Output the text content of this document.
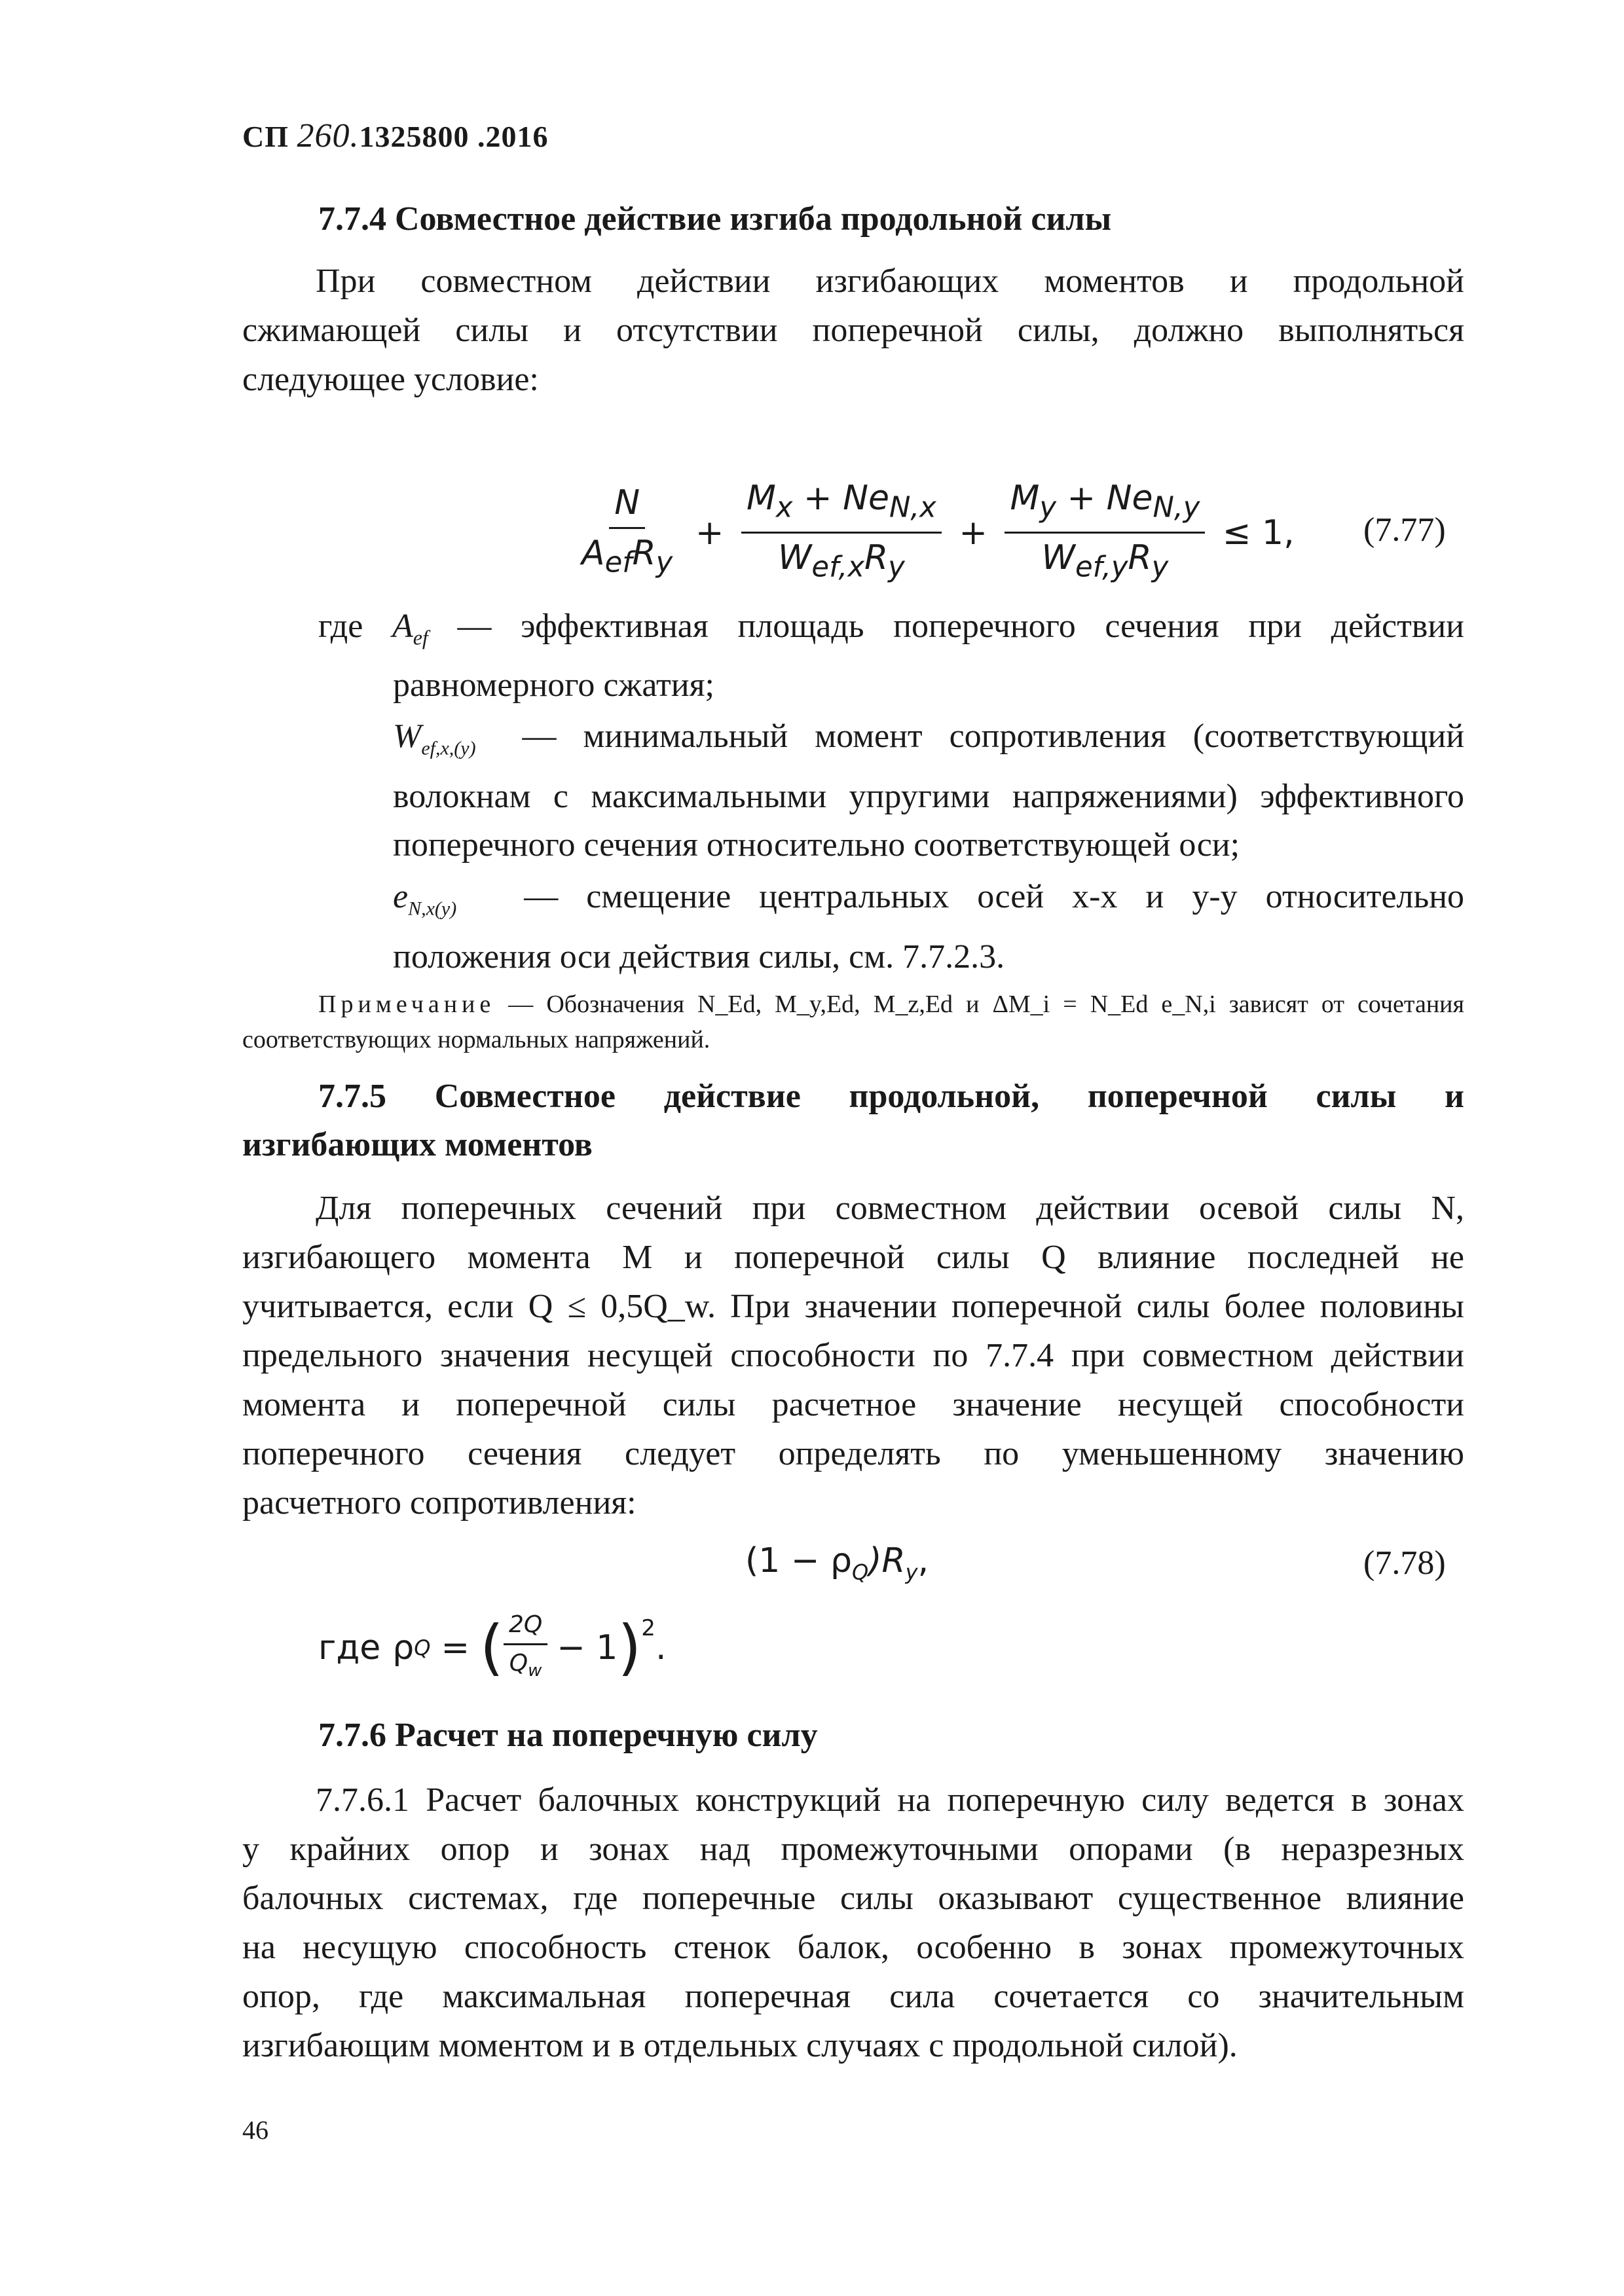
СП 260.1325800 .2016
7.7.4 Совместное действие изгиба продольной силы
При совместном действии изгибающих моментов и продольной
сжимающей силы и отсутствии поперечной силы, должно выполняться
следующее условие:
$\frac{N}{A_{ef}R_y} + \frac{M_x + Ne_{N,x}}{W_{ef,x}R_y} + \frac{M_y + Ne_{N,y}}{W_{ef,y}R_y} \le 1$, (7.77)
где $A_{ef}$ — эффективная площадь поперечного сечения при действии
равномерного сжатия;
$W_{ef,x,(y)}$ — минимальный момент сопротивления (соответствующий
волокнам с максимальными упругими напряжениями) эффективного
поперечного сечения относительно соответствующей оси;
$e_{N,x(y)}$ — смещение центральных осей x-x и y-y относительно
положения оси действия силы, см. 7.7.2.3.
Примечание — Обозначения N_Ed, M_y,Ed, M_z,Ed и ΔM_i = N_Ed e_N,i зависят от сочетания
соответствующих нормальных напряжений.
7.7.5 Совместное действие продольной, поперечной силы и
изгибающих моментов
Для поперечных сечений при совместном действии осевой силы N,
изгибающего момента M и поперечной силы Q влияние последней не
учитывается, если Q ≤ 0,5Q_w. При значении поперечной силы более половины
предельного значения несущей способности по 7.7.4 при совместном действии
момента и поперечной силы расчетное значение несущей способности
поперечного сечения следует определять по уменьшенному значению
расчетного сопротивления:
$(1 - \rho_Q)R_y$,	(7.78)
где ρ Q = ( $\frac{2Q}{Q_w} - 1$ )$^2$ .
7.7.6 Расчет на поперечную силу
7.7.6.1 Расчет балочных конструкций на поперечную силу ведется в зонах
у крайних опор и зонах над промежуточными опорами (в неразрезных
балочных системах, где поперечные силы оказывают существенное влияние
на несущую способность стенок балок, особенно в зонах промежуточных
опор, где максимальная поперечная сила сочетается со значительным
изгибающим моментом и в отдельных случаях с продольной силой).
46
